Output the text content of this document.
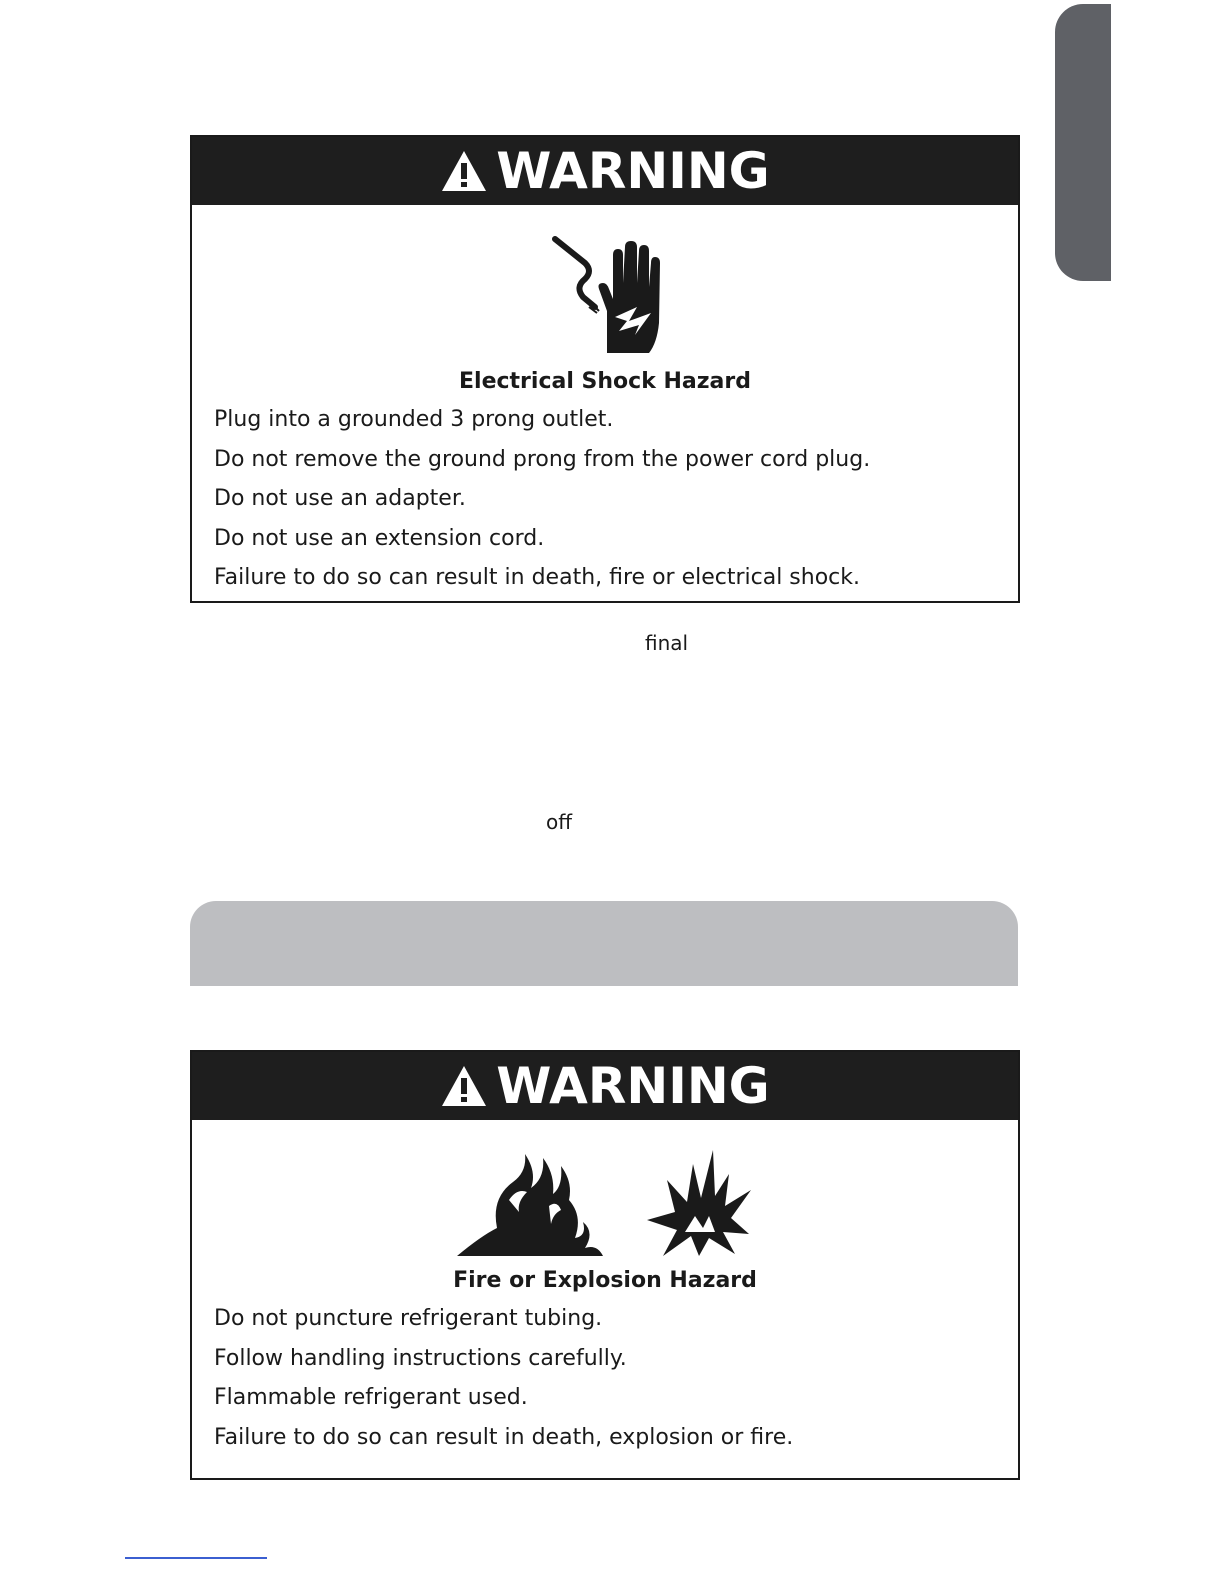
WARNING
Electrical Shock Hazard
Plug into a grounded 3 prong outlet.
Do not remove the ground prong from the power cord plug.
Do not use an adapter.
Do not use an extension cord.
Failure to do so can result in death, fire or electrical shock.
final
off
WARNING
Fire or Explosion Hazard
Do not puncture refrigerant tubing.
Follow handling instructions carefully.
Flammable refrigerant used.
Failure to do so can result in death, explosion or fire.
